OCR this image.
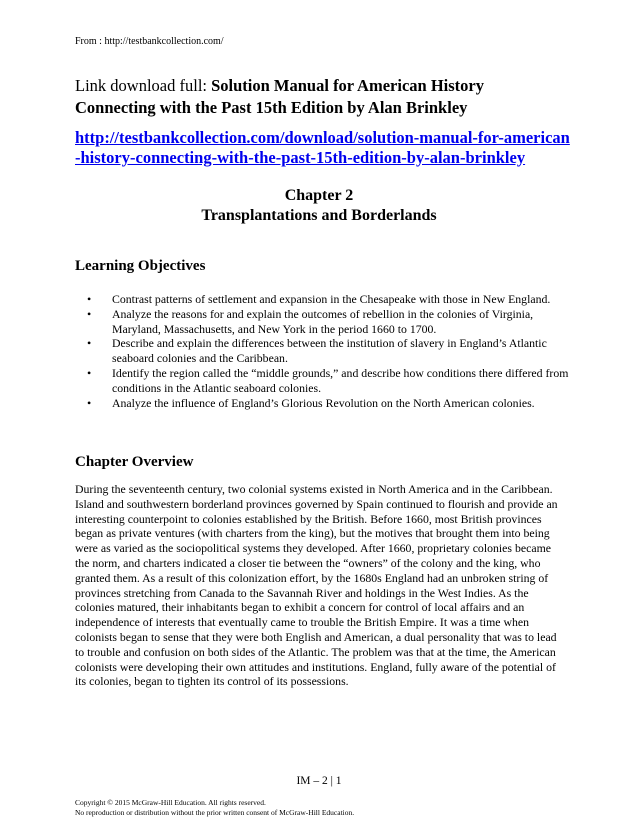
From : http://testbankcollection.com/
Link download full: Solution Manual for American History Connecting with the Past 15th Edition by Alan Brinkley
http://testbankcollection.com/download/solution-manual-for-american-history-connecting-with-the-past-15th-edition-by-alan-brinkley
Chapter 2
Transplantations and Borderlands
Learning Objectives
• Contrast patterns of settlement and expansion in the Chesapeake with those in New England.
• Analyze the reasons for and explain the outcomes of rebellion in the colonies of Virginia, Maryland, Massachusetts, and New York in the period 1660 to 1700.
• Describe and explain the differences between the institution of slavery in England’s Atlantic seaboard colonies and the Caribbean.
• Identify the region called the “middle grounds,” and describe how conditions there differed from conditions in the Atlantic seaboard colonies.
• Analyze the influence of England’s Glorious Revolution on the North American colonies.
Chapter Overview
During the seventeenth century, two colonial systems existed in North America and in the Caribbean. Island and southwestern borderland provinces governed by Spain continued to flourish and provide an interesting counterpoint to colonies established by the British. Before 1660, most British provinces began as private ventures (with charters from the king), but the motives that brought them into being were as varied as the sociopolitical systems they developed. After 1660, proprietary colonies became the norm, and charters indicated a closer tie between the “owners” of the colony and the king, who granted them. As a result of this colonization effort, by the 1680s England had an unbroken string of provinces stretching from Canada to the Savannah River and holdings in the West Indies. As the colonies matured, their inhabitants began to exhibit a concern for control of local affairs and an independence of interests that eventually came to trouble the British Empire. It was a time when colonists began to sense that they were both English and American, a dual personality that was to lead to trouble and confusion on both sides of the Atlantic. The problem was that at the time, the American colonists were developing their own attitudes and institutions. England, fully aware of the potential of its colonies, began to tighten its control of its possessions.
IM – 2 | 1
Copyright © 2015 McGraw-Hill Education. All rights reserved.
No reproduction or distribution without the prior written consent of McGraw-Hill Education.
